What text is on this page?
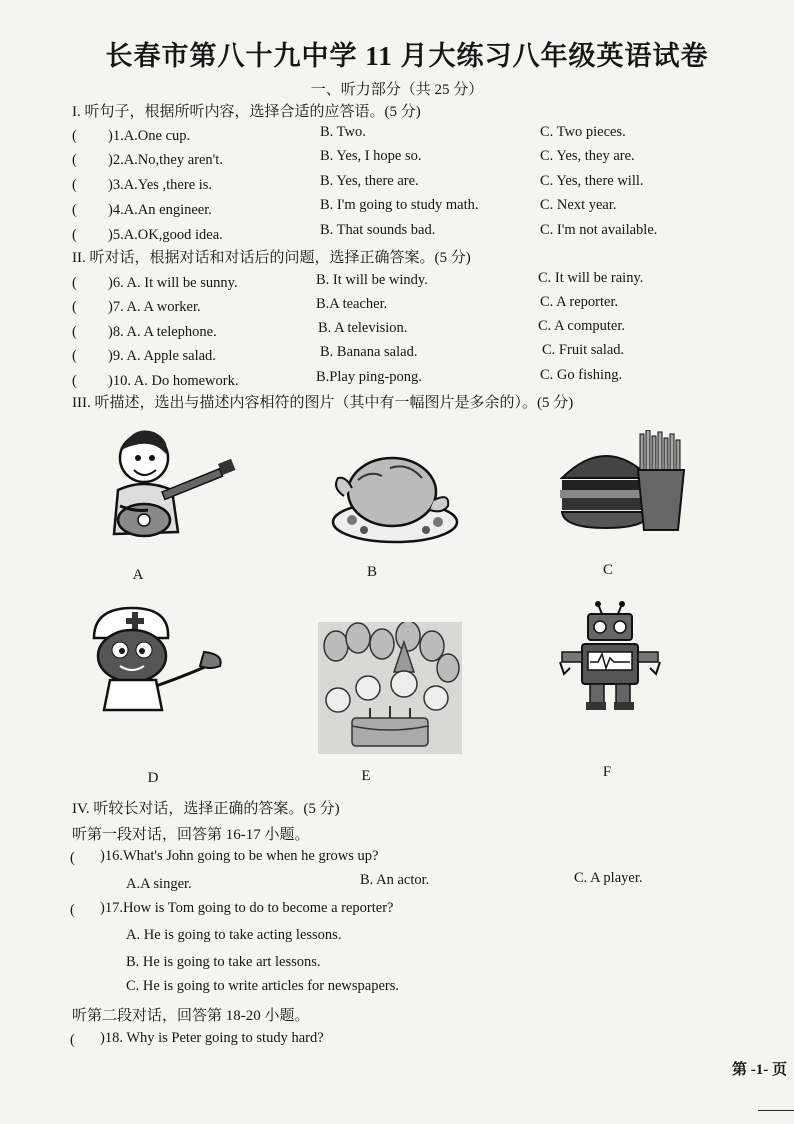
长春市第八十九中学 11 月大练习八年级英语试卷
一、听力部分（共 25 分）
I. 听句子，根据所听内容，选择合适的应答语。(5 分)
( )1.A.One cup.	B. Two.	C. Two pieces.
( )2.A.No,they aren't.	B. Yes, I hope so.	C. Yes, they are.
( )3.A.Yes ,there is.	B. Yes, there are.	C. Yes, there will.
( )4.A.An engineer.	B. I'm going to study math.	C. Next year.
( )5.A.OK,good idea.	B. That sounds bad.	C. I'm not available.
II. 听对话，根据对话和对话后的问题，选择正确答案。(5 分)
( )6. A. It will be sunny.	B. It will be windy.	C. It will be rainy.
( )7. A. A worker.	B.A teacher.	C. A reporter.
( )8. A. A telephone.	B. A television.	C. A computer.
( )9. A. Apple salad.	B. Banana salad.	C. Fruit salad.
( )10. A. Do homework.	B.Play ping-pong.	C. Go fishing.
III. 听描述，选出与描述内容相符的图片（其中有一幅图片是多余的）。(5 分)
A	B	C
D	E	F
IV. 听较长对话，选择正确的答案。(5 分)
听第一段对话，回答第 16-17 小题。
( )16.What's John going to be when he grows up?
A.A singer.	B. An actor.	C. A player.
( )17.How is Tom going to do to become a reporter?
A. He is going to take acting lessons.
B. He is going to take art lessons.
C. He is going to write articles for newspapers.
听第二段对话，回答第 18-20 小题。
( )18. Why is Peter going to study hard?
第 -1- 页
